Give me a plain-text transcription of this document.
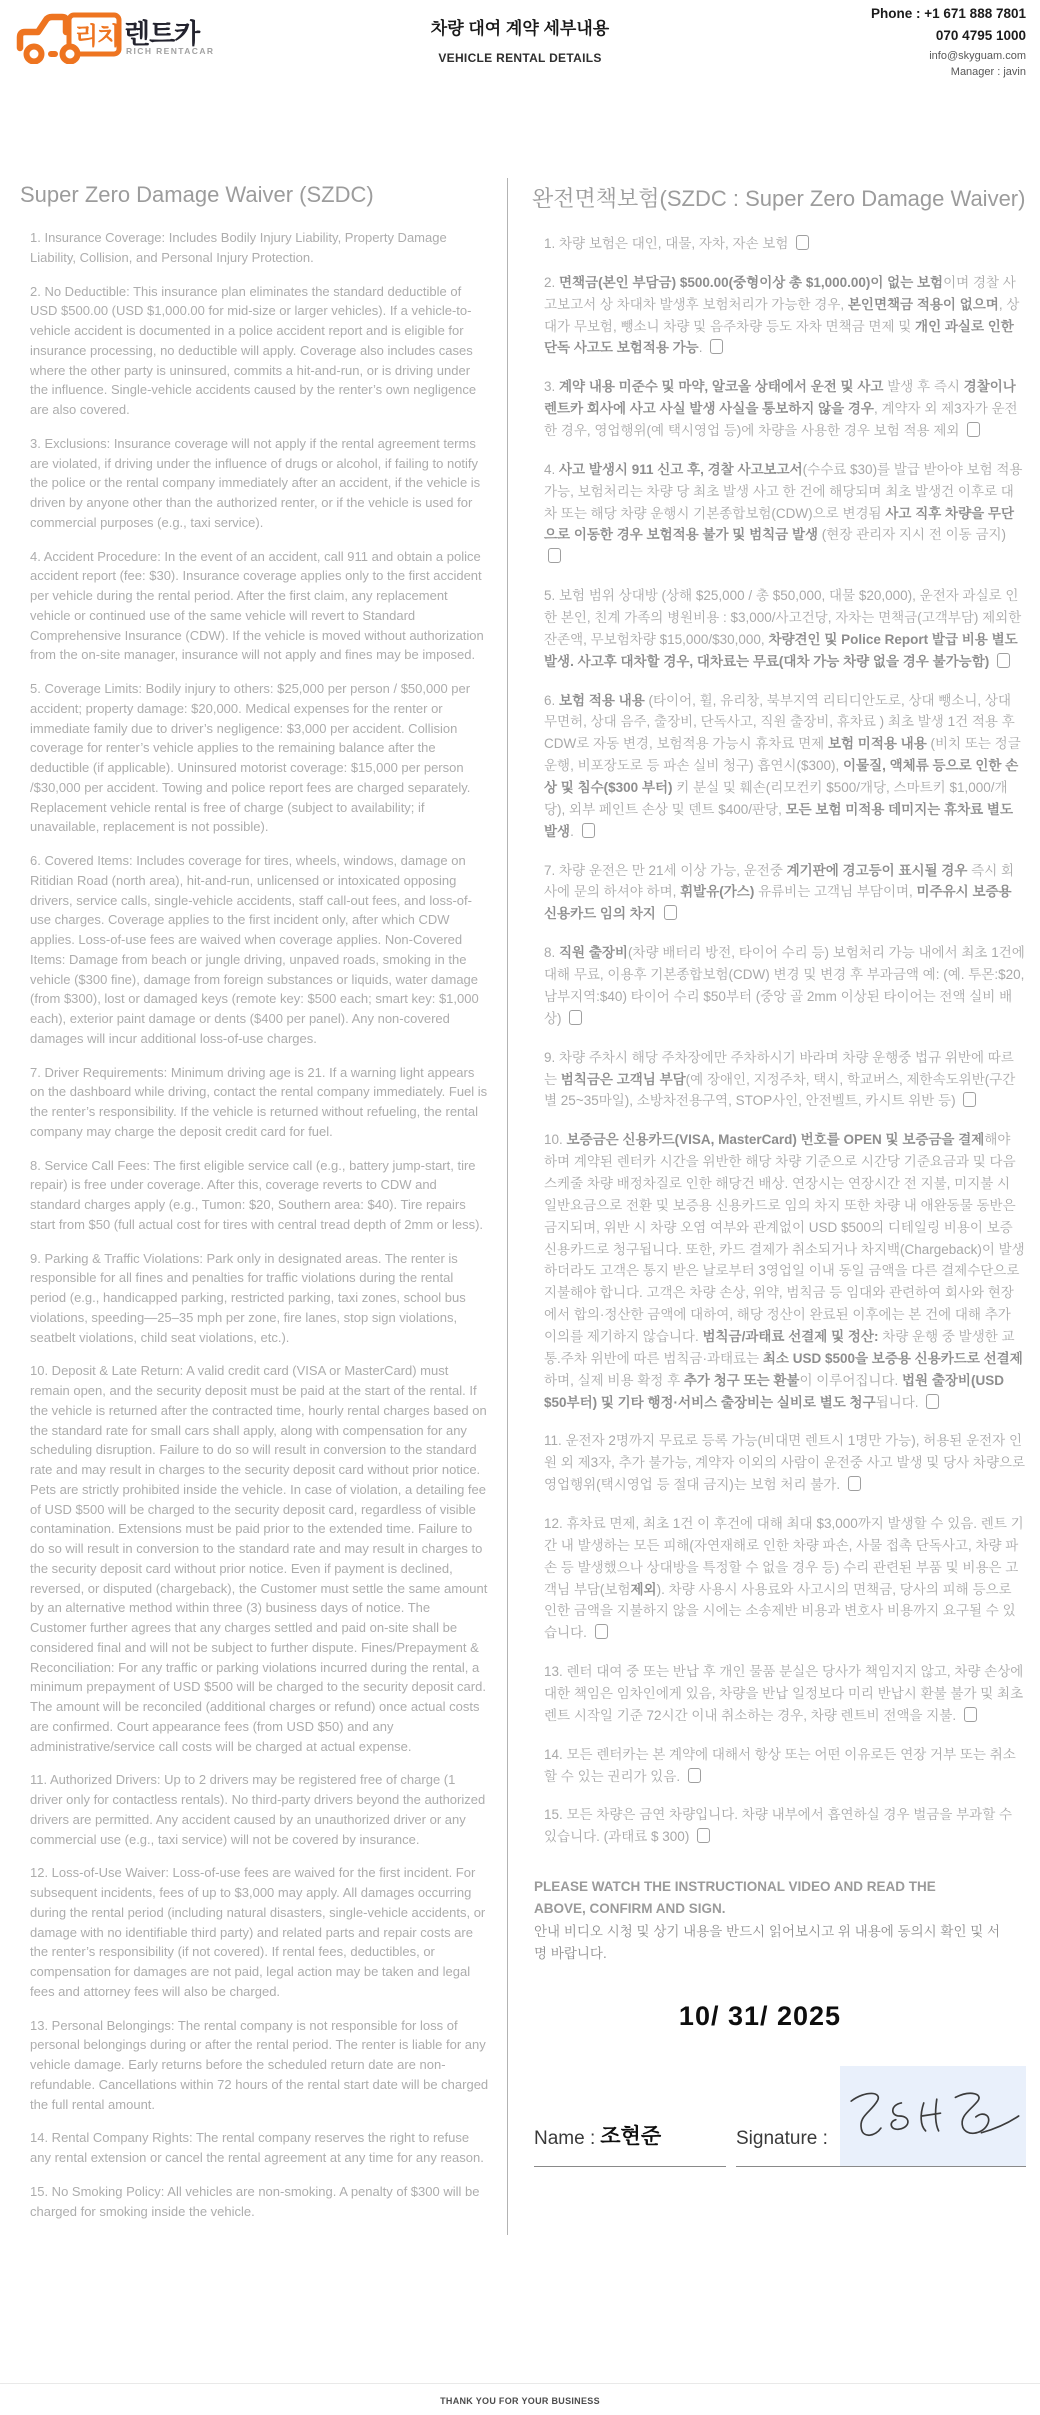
리치 렌트카
RICH RENTACAR

차량 대여 계약 세부내용

VEHICLE RENTAL DETAILS

Phone : +1 671 888 7801

070 4795 1000

info@skyguam.com

Manager : javin

Super Zero Damage Waiver (SZDC)

1. Insurance Coverage: Includes Bodily Injury Liability, Property Damage Liability, Collision, and Personal Injury Protection.

2. No Deductible: This insurance plan eliminates the standard deductible of USD $500.00 (USD $1,000.00 for mid-size or larger vehicles). If a vehicle-to-vehicle accident is documented in a police accident report and is eligible for insurance processing, no deductible will apply. Coverage also includes cases where the other party is uninsured, commits a hit-and-run, or is driving under the influence. Single-vehicle accidents caused by the renter’s own negligence are also covered.

3. Exclusions: Insurance coverage will not apply if the rental agreement terms are violated, if driving under the influence of drugs or alcohol, if failing to notify the police or the rental company immediately after an accident, if the vehicle is driven by anyone other than the authorized renter, or if the vehicle is used for commercial purposes (e.g., taxi service).

4. Accident Procedure: In the event of an accident, call 911 and obtain a police accident report (fee: $30). Insurance coverage applies only to the first accident per vehicle during the rental period. After the first claim, any replacement vehicle or continued use of the same vehicle will revert to Standard Comprehensive Insurance (CDW). If the vehicle is moved without authorization from the on-site manager, insurance will not apply and fines may be imposed.

5. Coverage Limits: Bodily injury to others: $25,000 per person / $50,000 per accident; property damage: $20,000. Medical expenses for the renter or immediate family due to driver’s negligence: $3,000 per accident. Collision coverage for renter’s vehicle applies to the remaining balance after the deductible (if applicable). Uninsured motorist coverage: $15,000 per person /$30,000 per accident. Towing and police report fees are charged separately. Replacement vehicle rental is free of charge (subject to availability; if unavailable, replacement is not possible).

6. Covered Items: Includes coverage for tires, wheels, windows, damage on Ritidian Road (north area), hit-and-run, unlicensed or intoxicated opposing drivers, service calls, single-vehicle accidents, staff call-out fees, and loss-of-use charges. Coverage applies to the first incident only, after which CDW applies. Loss-of-use fees are waived when coverage applies. Non-Covered Items: Damage from beach or jungle driving, unpaved roads, smoking in the vehicle ($300 fine), damage from foreign substances or liquids, water damage (from $300), lost or damaged keys (remote key: $500 each; smart key: $1,000 each), exterior paint damage or dents ($400 per panel). Any non-covered damages will incur additional loss-of-use charges.

7. Driver Requirements: Minimum driving age is 21. If a warning light appears on the dashboard while driving, contact the rental company immediately. Fuel is the renter’s responsibility. If the vehicle is returned without refueling, the rental company may charge the deposit credit card for fuel.

8. Service Call Fees: The first eligible service call (e.g., battery jump-start, tire repair) is free under coverage. After this, coverage reverts to CDW and standard charges apply (e.g., Tumon: $20, Southern area: $40). Tire repairs start from $50 (full actual cost for tires with central tread depth of 2mm or less).

9. Parking & Traffic Violations: Park only in designated areas. The renter is responsible for all fines and penalties for traffic violations during the rental period (e.g., handicapped parking, restricted parking, taxi zones, school bus violations, speeding—25–35 mph per zone, fire lanes, stop sign violations, seatbelt violations, child seat violations, etc.).

10. Deposit & Late Return: A valid credit card (VISA or MasterCard) must remain open, and the security deposit must be paid at the start of the rental. If the vehicle is returned after the contracted time, hourly rental charges based on the standard rate for small cars shall apply, along with compensation for any scheduling disruption. Failure to do so will result in conversion to the standard rate and may result in charges to the security deposit card without prior notice. Pets are strictly prohibited inside the vehicle. In case of violation, a detailing fee of USD $500 will be charged to the security deposit card, regardless of visible contamination. Extensions must be paid prior to the extended time. Failure to do so will result in conversion to the standard rate and may result in charges to the security deposit card without prior notice. Even if payment is declined, reversed, or disputed (chargeback), the Customer must settle the same amount by an alternative method within three (3) business days of notice. The Customer further agrees that any charges settled and paid on-site shall be considered final and will not be subject to further dispute. Fines/Prepayment & Reconciliation: For any traffic or parking violations incurred during the rental, a minimum prepayment of USD $500 will be charged to the security deposit card. The amount will be reconciled (additional charges or refund) once actual costs are confirmed. Court appearance fees (from USD $50) and any administrative/service call costs will be charged at actual expense.

11. Authorized Drivers: Up to 2 drivers may be registered free of charge (1 driver only for contactless rentals). No third-party drivers beyond the authorized drivers are permitted. Any accident caused by an unauthorized driver or any commercial use (e.g., taxi service) will not be covered by insurance.

12. Loss-of-Use Waiver: Loss-of-use fees are waived for the first incident. For subsequent incidents, fees of up to $3,000 may apply. All damages occurring during the rental period (including natural disasters, single-vehicle accidents, or damage with no identifiable third party) and related parts and repair costs are the renter’s responsibility (if not covered). If rental fees, deductibles, or compensation for damages are not paid, legal action may be taken and legal fees and attorney fees will also be charged.

13. Personal Belongings: The rental company is not responsible for loss of personal belongings during or after the rental period. The renter is liable for any vehicle damage. Early returns before the scheduled return date are non-refundable. Cancellations within 72 hours of the rental start date will be charged the full rental amount.

14. Rental Company Rights: The rental company reserves the right to refuse any rental extension or cancel the rental agreement at any time for any reason.

15. No Smoking Policy: All vehicles are non-smoking. A penalty of $300 will be charged for smoking inside the vehicle.

완전면책보험(SZDC : Super Zero Damage Waiver)

1. 차량 보험은 대인, 대물, 자차, 자손 보험

2. 면책금(본인 부담금) $500.00(중형이상 총 $1,000.00)이 없는 보험이며 경찰 사고보고서 상 차대차 발생후 보험처리가 가능한 경우, 본인면책금 적용이 없으며, 상대가 무보험, 뺑소니 차량 및 음주차량 등도 자차 면책금 면제 및 개인 과실로 인한 단독 사고도 보험적용 가능.

3. 계약 내용 미준수 및 마약, 알코올 상태에서 운전 및 사고 발생 후 즉시 경찰이나 렌트카 회사에 사고 사실 발생 사실을 통보하지 않을 경우, 계약자 외 제3자가 운전한 경우, 영업행위(예 택시영업 등)에 차량을 사용한 경우 보험 적용 제외

4. 사고 발생시 911 신고 후, 경찰 사고보고서(수수료 $30)를 발급 받아야 보험 적용 가능, 보험처리는 차량 당 최초 발생 사고 한 건에 해당되며 최초 발생건 이후로 대차 또는 해당 차량 운행시 기본종합보험(CDW)으로 변경됨 사고 직후 차량을 무단으로 이동한 경우 보험적용 불가 및 범칙금 발생 (현장 관리자 지시 전 이동 금지)

5. 보험 범위 상대방 (상해 $25,000 / 총 $50,000, 대물 $20,000), 운전자 과실로 인한 본인, 친계 가족의 병원비용 : $3,000/사고건당, 자차는 면책금(고객부담) 제외한 잔존액, 무보험차량 $15,000/$30,000, 차량견인 및 Police Report 발급 비용 별도 발생. 사고후 대차할 경우, 대차료는 무료(대차 가능 차량 없을 경우 불가능함)

6. 보험 적용 내용 (타이어, 휠, 유리창, 북부지역 리티디안도로, 상대 뺑소니, 상대 무면허, 상대 음주, 출장비, 단독사고, 직원 출장비, 휴차료 ) 최초 발생 1건 적용 후 CDW로 자동 변경, 보험적용 가능시 휴차료 면제 보험 미적용 내용 (비치 또는 정글 운행, 비포장도로 등 파손 실비 청구) 흡연시($300), 이물질, 액체류 등으로 인한 손상 및 침수($300 부터) 키 분실 및 훼손(리모컨키 $500/개당, 스마트키 $1,000/개당), 외부 페인트 손상 및 덴트 $400/판당, 모든 보험 미적용 데미지는 휴차료 별도 발생.

7. 차량 운전은 만 21세 이상 가능, 운전중 계기판에 경고등이 표시될 경우 즉시 회사에 문의 하셔야 하며, 휘발유(가스) 유류비는 고객님 부담이며, 미주유시 보증용 신용카드 임의 차지

8. 직원 출장비(차량 배터리 방전, 타이어 수리 등) 보험처리 가능 내에서 최초 1건에 대해 무료, 이용후 기본종합보험(CDW) 변경 및 변경 후 부과금액 예: (예. 투몬:$20, 남부지역:$40) 타이어 수리 $50부터 (중앙 골 2mm 이상된 타이어는 전액 실비 배상)

9. 차량 주차시 해당 주차장에만 주차하시기 바라며 차량 운행중 법규 위반에 따르는 범칙금은 고객님 부담(예 장애인, 지정주차, 택시, 학교버스, 제한속도위반(구간별 25~35마일), 소방차전용구역, STOP사인, 안전벨트, 카시트 위반 등)

10. 보증금은 신용카드(VISA, MasterCard) 번호를 OPEN 및 보증금을 결제해야 하며 계약된 렌터카 시간을 위반한 해당 차량 기준으로 시간당 기준요금과 및 다음 스케줄 차량 배정차질로 인한 해당건 배상. 연장시는 연장시간 전 지불, 미지불 시 일반요금으로 전환 및 보증용 신용카드로 임의 차지 또한 차량 내 애완동물 동반은 금지되며, 위반 시 차량 오염 여부와 관계없이 USD $500의 디테일링 비용이 보증 신용카드로 청구됩니다. 또한, 카드 결제가 취소되거나 차지백(Chargeback)이 발생하더라도 고객은 통지 받은 날로부터 3영업일 이내 동일 금액을 다른 결제수단으로 지불해야 합니다. 고객은 차량 손상, 위약, 범칙금 등 임대와 관련하여 회사와 현장에서 합의·정산한 금액에 대하여, 해당 정산이 완료된 이후에는 본 건에 대해 추가 이의를 제기하지 않습니다. 범칙금/과태료 선결제 및 정산: 차량 운행 중 발생한 교통.주차 위반에 따른 범칙금·과태료는 최소 USD $500을 보증용 신용카드로 선결제하며, 실제 비용 확정 후 추가 청구 또는 환불이 이루어집니다. 법원 출장비(USD $50부터) 및 기타 행정·서비스 출장비는 실비로 별도 청구됩니다.

11. 운전자 2명까지 무료로 등록 가능(비대면 렌트시 1명만 가능), 허용된 운전자 인원 외 제3자, 추가 불가능, 계약자 이외의 사람이 운전중 사고 발생 및 당사 차량으로 영업행위(택시영업 등 절대 금지)는 보험 처리 불가.

12. 휴차료 면제, 최초 1건 이 후건에 대해 최대 $3,000까지 발생할 수 있음. 렌트 기간 내 발생하는 모든 피해(자연재해로 인한 차량 파손, 사물 접촉 단독사고, 차량 파손 등 발생했으나 상대방을 특정할 수 없을 경우 등) 수리 관련된 부품 및 비용은 고객님 부담(보험제외). 차량 사용시 사용료와 사고시의 면책금, 당사의 피해 등으로 인한 금액을 지불하지 않을 시에는 소송제반 비용과 변호사 비용까지 요구될 수 있습니다.

13. 렌터 대여 중 또는 반납 후 개인 물품 분실은 당사가 책임지지 않고, 차량 손상에 대한 책임은 임차인에게 있음, 차량을 반납 일정보다 미리 반납시 환불 불가 및 최초 렌트 시작일 기준 72시간 이내 취소하는 경우, 차량 렌트비 전액을 지불.

14. 모든 렌터카는 본 계약에 대해서 항상 또는 어떤 이유로든 연장 거부 또는 취소할 수 있는 권리가 있음.

15. 모든 차량은 금연 차량입니다. 차량 내부에서 흡연하실 경우 벌금을 부과할 수 있습니다. (과태료 $ 300)

PLEASE WATCH THE INSTRUCTIONAL VIDEO AND READ THE ABOVE, CONFIRM AND SIGN.

안내 비디오 시청 및 상기 내용을 반드시 읽어보시고 위 내용에 동의시 확인 및 서명 바랍니다.

10/ 31/ 2025
Name : 조현준	Signature :

THANK YOU FOR YOUR BUSINESS
